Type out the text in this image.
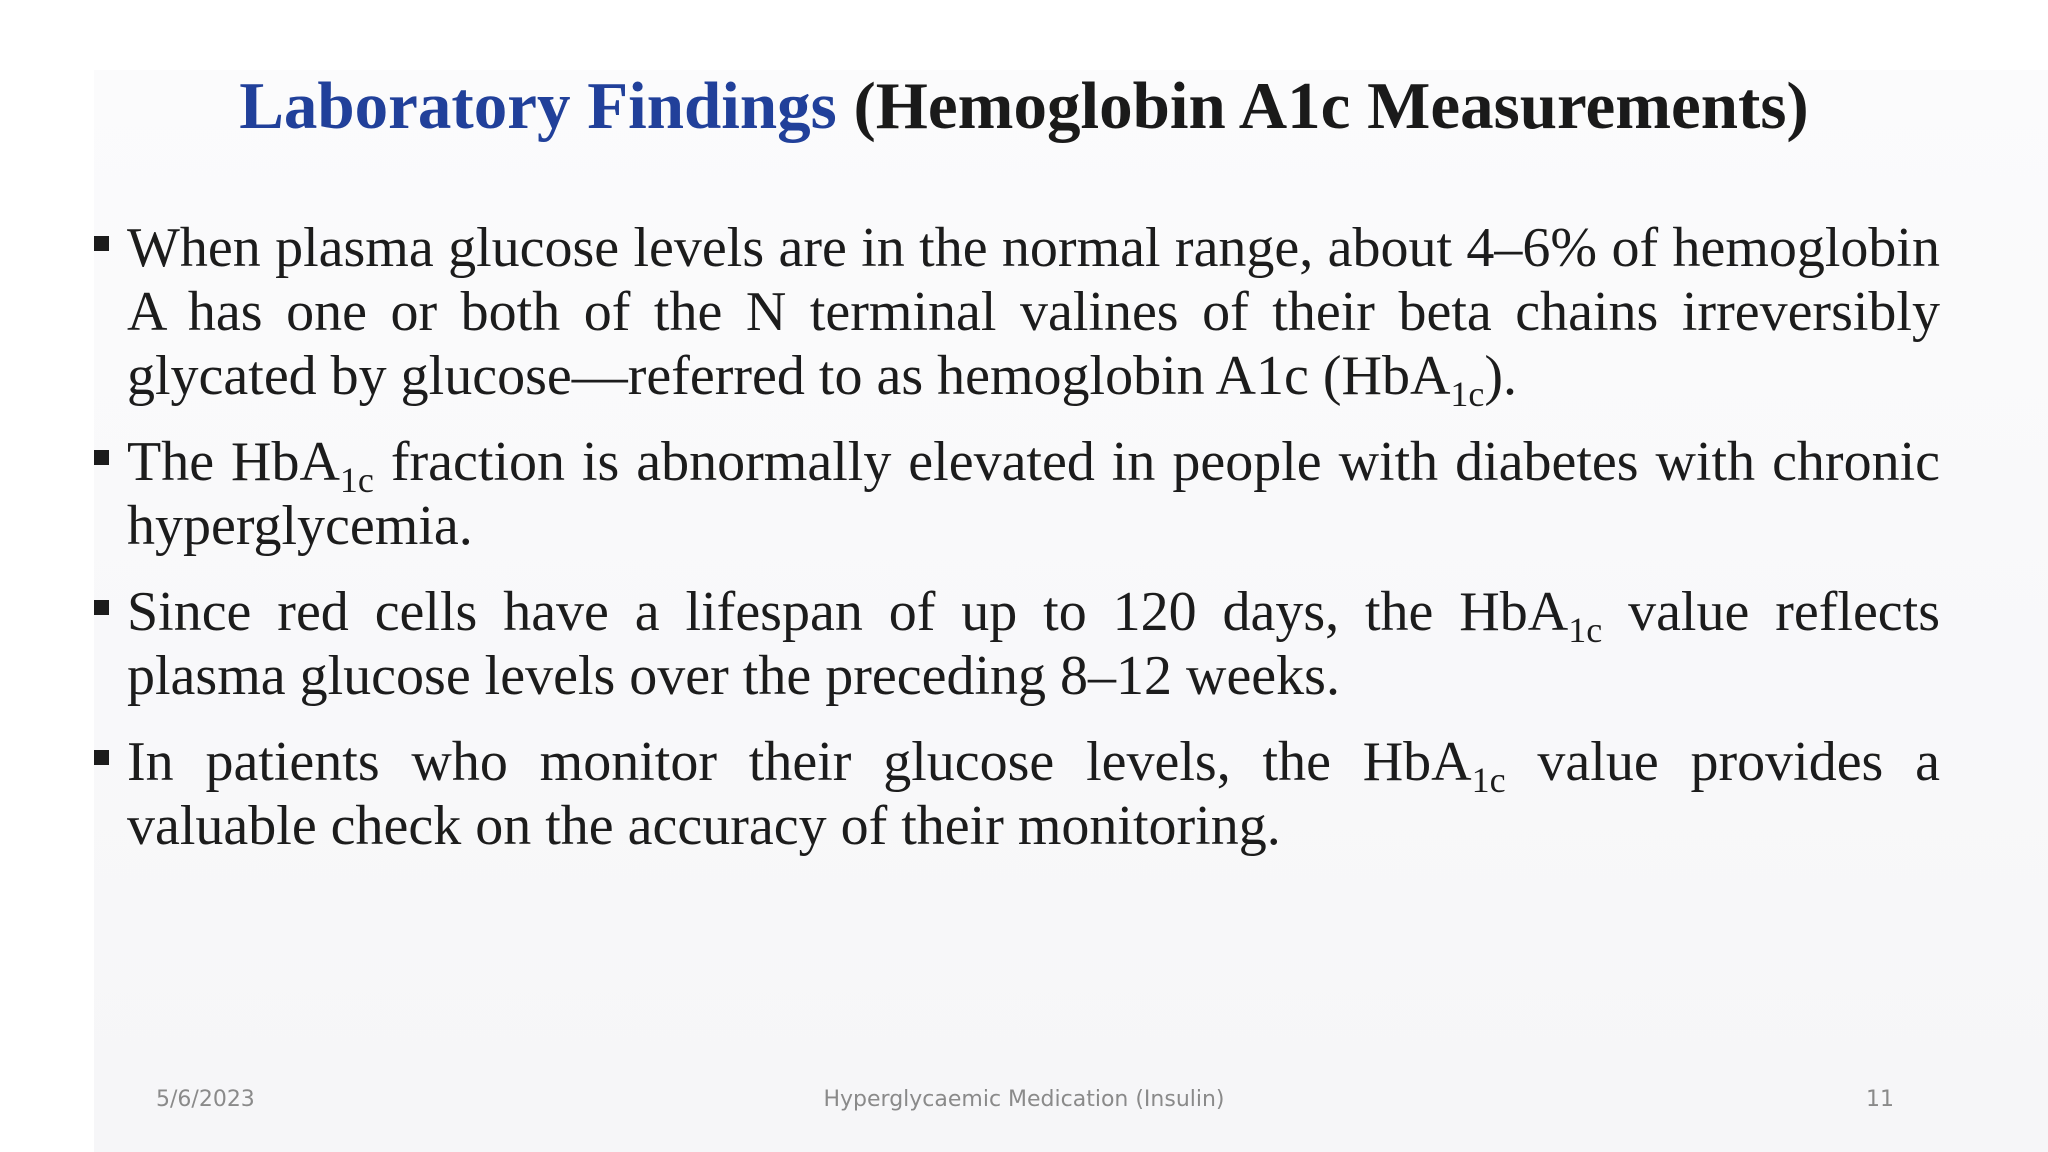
Laboratory Findings (Hemoglobin A1c Measurements)
When plasma glucose levels are in the normal range, about 4–6% of hemoglobin A has one or both of the N terminal valines of their beta chains irreversibly glycated by glucose—referred to as hemoglobin A1c (HbA$_{1c}$).
The HbA$_{1c}$ fraction is abnormally elevated in people with diabetes with chronic hyperglycemia.
Since red cells have a lifespan of up to 120 days, the HbA$_{1c}$ value reflects plasma glucose levels over the preceding 8–12 weeks.
In patients who monitor their glucose levels, the HbA$_{1c}$ value provides a valuable check on the accuracy of their monitoring.
5/6/2023	Hyperglycaemic Medication (Insulin)	11
